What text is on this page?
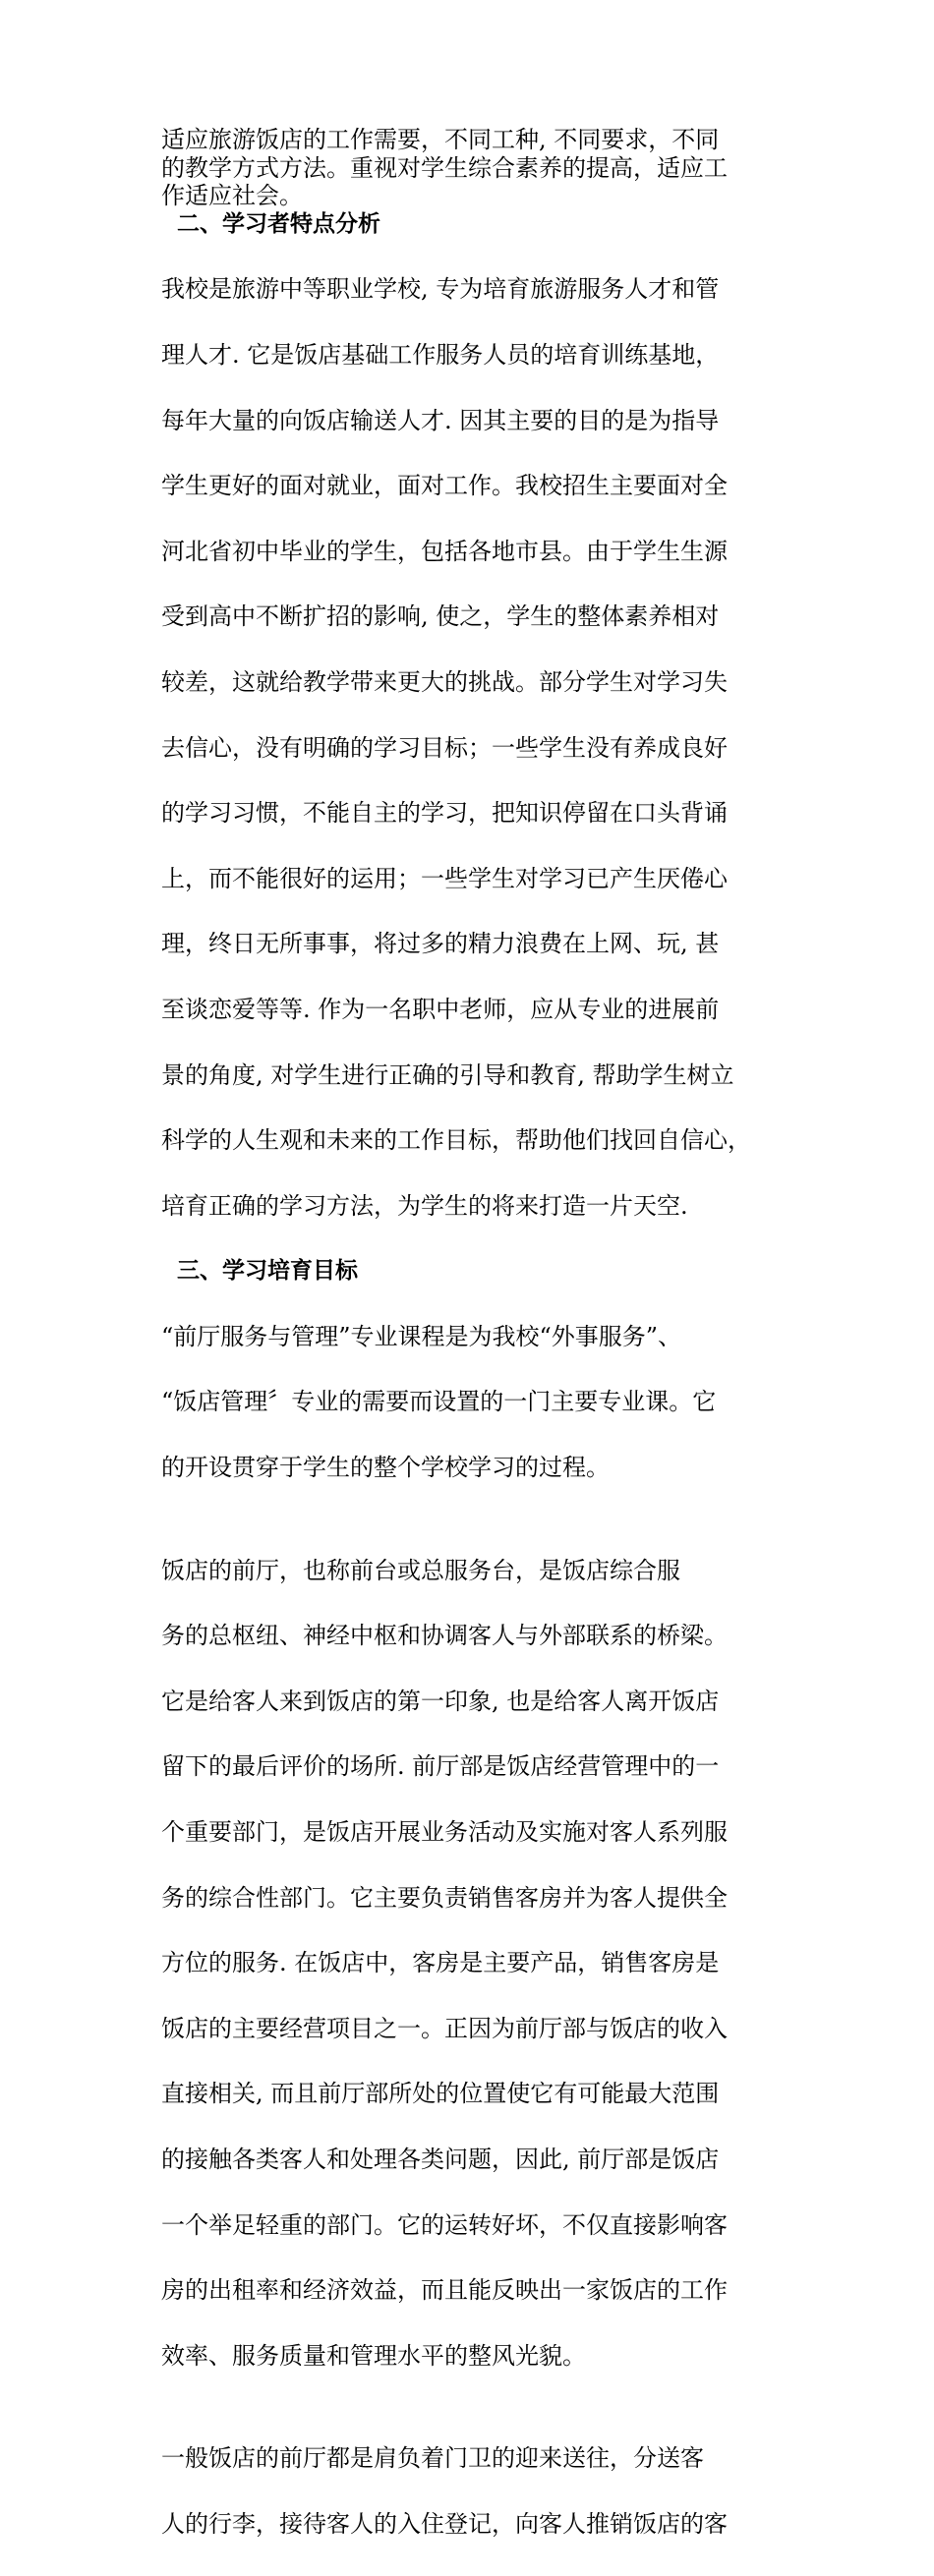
适应旅游饭店的工作需要，不同工种, 不同要求，不同
的教学方式方法。重视对学生综合素养的提高，适应工
作适应社会。
二、学习者特点分析

我校是旅游中等职业学校, 专为培育旅游服务人才和管

理人才. 它是饭店基础工作服务人员的培育训练基地，

每年大量的向饭店输送人才. 因其主要的目的是为指导

学生更好的面对就业，面对工作。我校招生主要面对全

河北省初中毕业的学生，包括各地市县。由于学生生源

受到高中不断扩招的影响, 使之，学生的整体素养相对

较差，这就给教学带来更大的挑战。部分学生对学习失

去信心，没有明确的学习目标；一些学生没有养成良好

的学习习惯，不能自主的学习，把知识停留在口头背诵

上，而不能很好的运用；一些学生对学习已产生厌倦心

理，终日无所事事，将过多的精力浪费在上网、玩, 甚

至谈恋爱等等. 作为一名职中老师，应从专业的进展前

景的角度, 对学生进行正确的引导和教育, 帮助学生树立

科学的人生观和未来的工作目标，帮助他们找回自信心，

培育正确的学习方法，为学生的将来打造一片天空.

三、学习培育目标

“前厅服务与管理”专业课程是为我校“外事服务”、

“饭店管理〞专业的需要而设置的一门主要专业课。它

的开设贯穿于学生的整个学校学习的过程。

饭店的前厅，也称前台或总服务台，是饭店综合服

务的总枢纽、神经中枢和协调客人与外部联系的桥梁。

它是给客人来到饭店的第一印象, 也是给客人离开饭店

留下的最后评价的场所. 前厅部是饭店经营管理中的一

个重要部门，是饭店开展业务活动及实施对客人系列服

务的综合性部门。它主要负责销售客房并为客人提供全

方位的服务. 在饭店中，客房是主要产品，销售客房是

饭店的主要经营项目之一。正因为前厅部与饭店的收入

直接相关, 而且前厅部所处的位置使它有可能最大范围

的接触各类客人和处理各类问题，因此, 前厅部是饭店

一个举足轻重的部门。它的运转好坏，不仅直接影响客

房的出租率和经济效益，而且能反映出一家饭店的工作

效率、服务质量和管理水平的整风光貌。

一般饭店的前厅都是肩负着门卫的迎来送往，分送客

人的行李，接待客人的入住登记，向客人推销饭店的客
